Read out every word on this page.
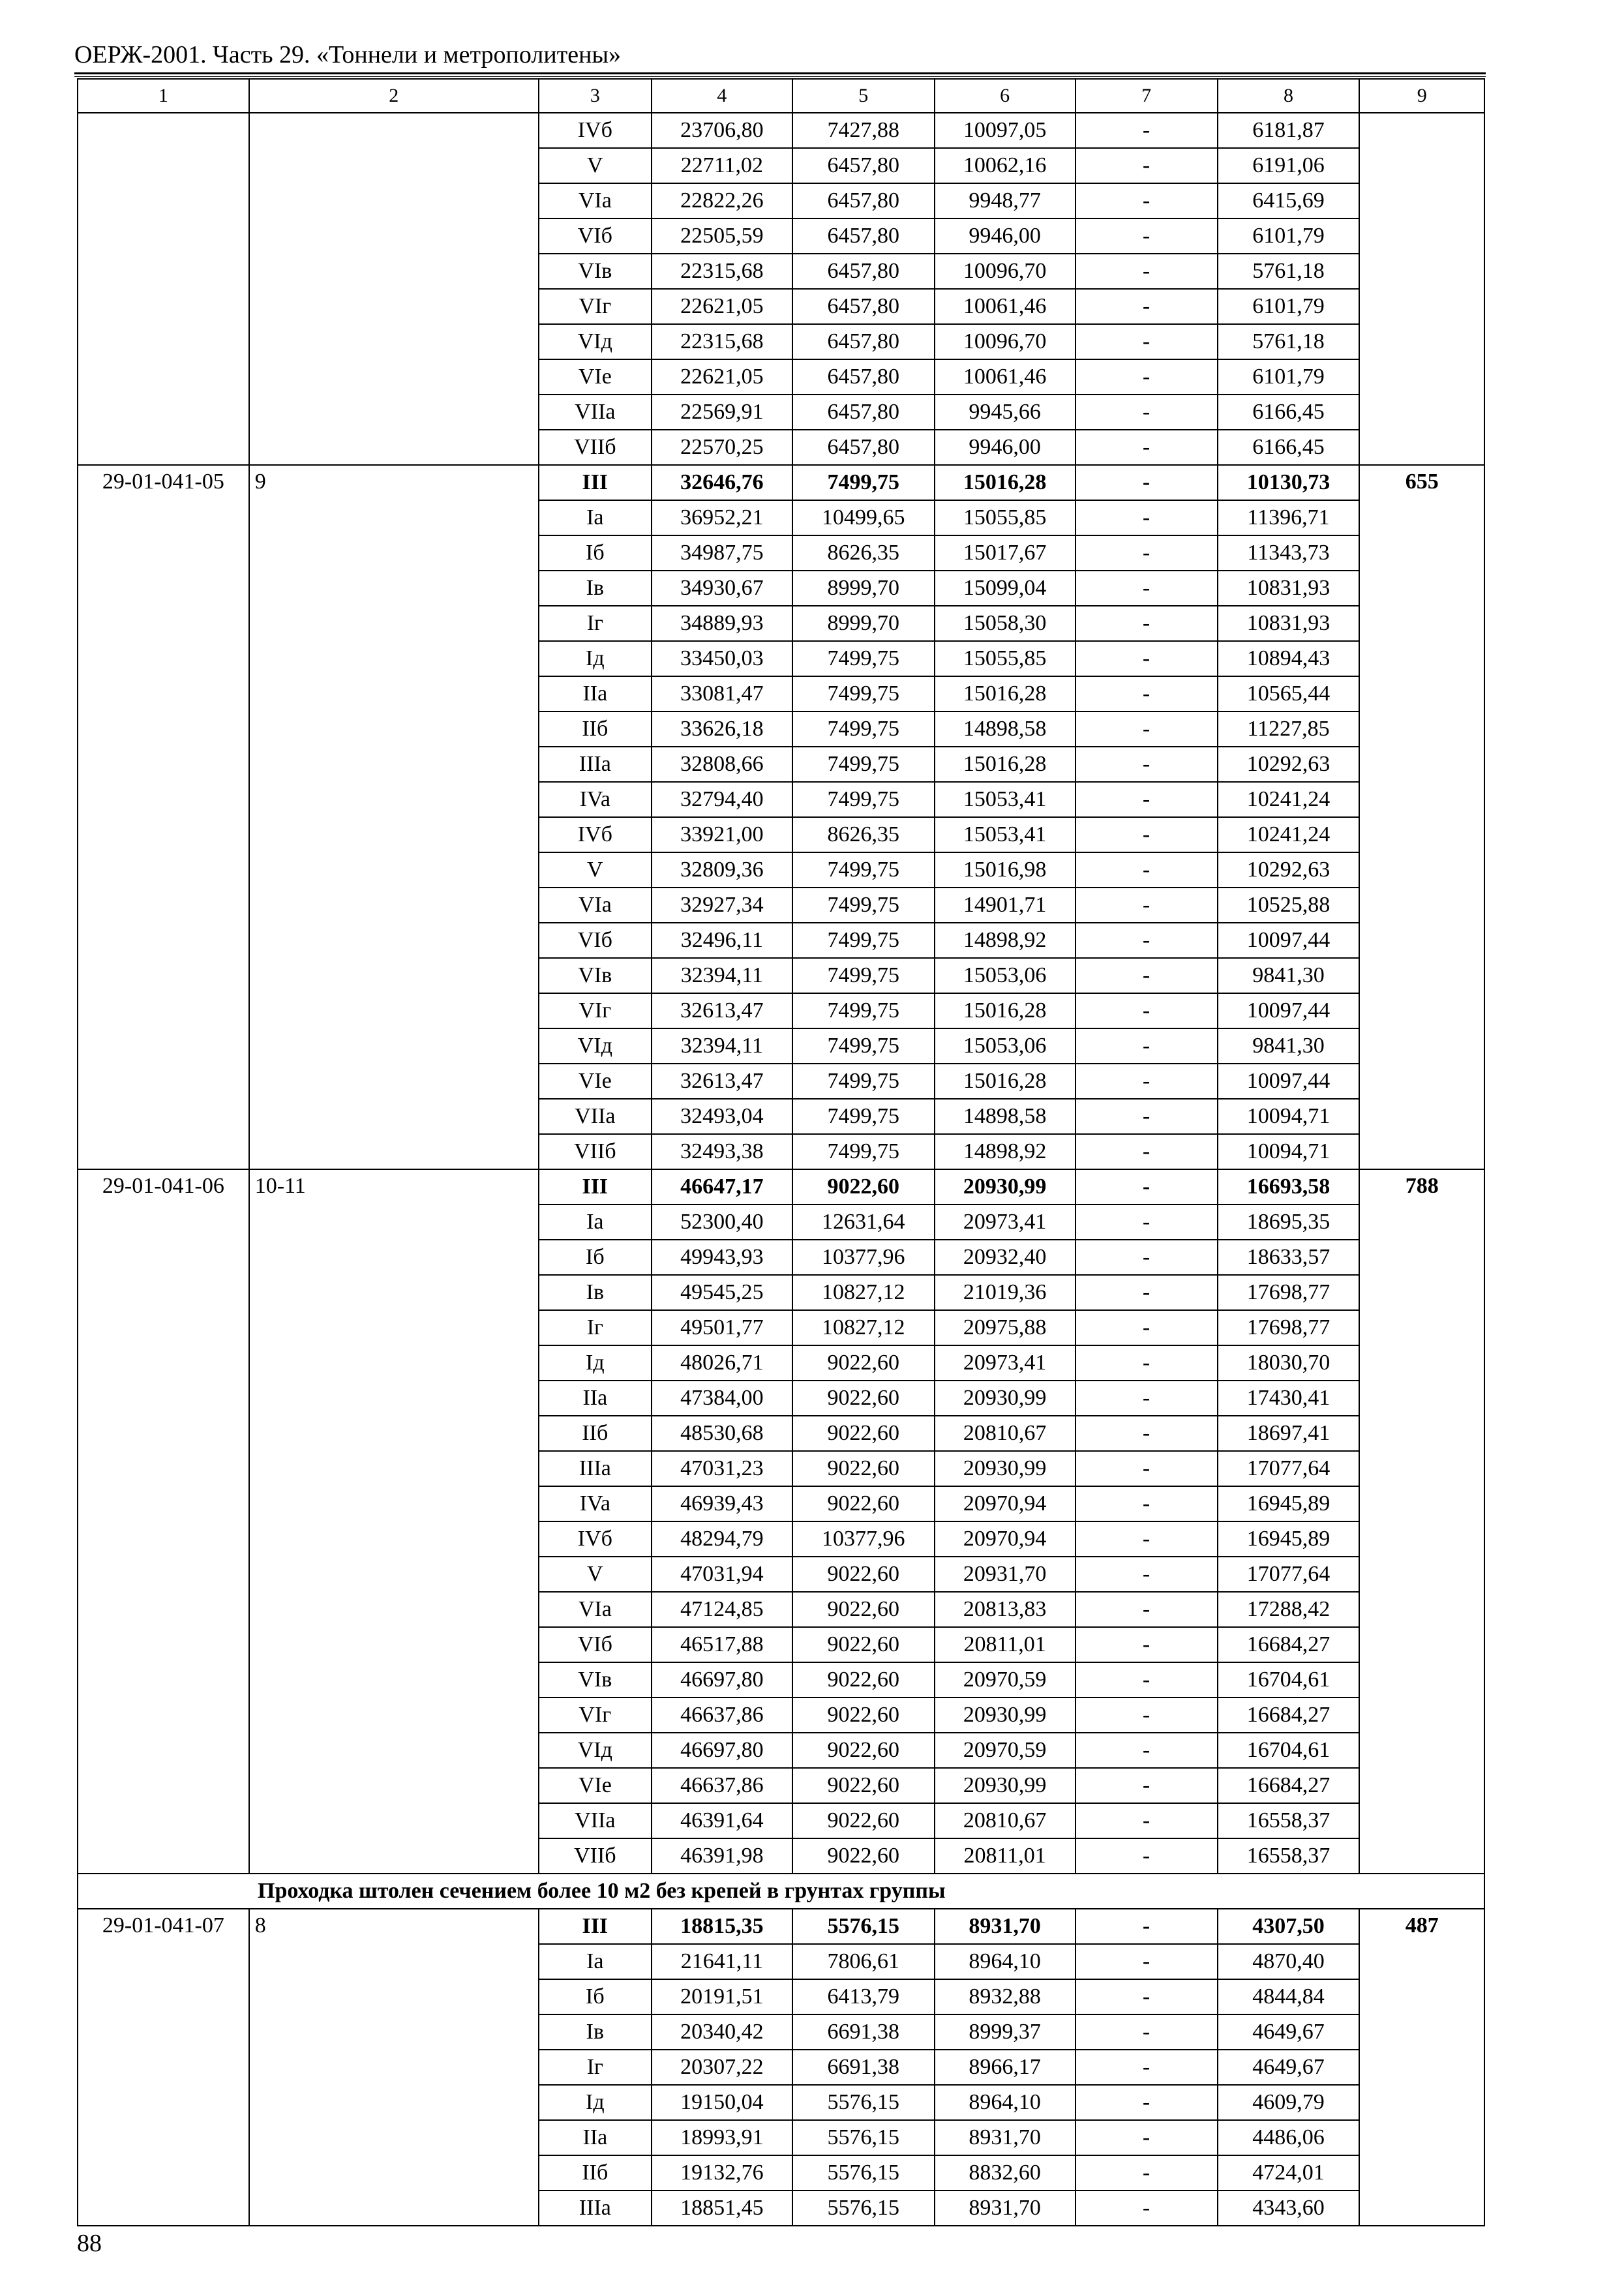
ОЕРЖ-2001. Часть 29. «Тоннели и метрополитены»
1	2	3	4	5	6	7	8	9
		IVб	23706,80	7427,88	10097,05	-	6181,87	
		V	22711,02	6457,80	10062,16	-	6191,06	
		VIa	22822,26	6457,80	9948,77	-	6415,69	
		VIб	22505,59	6457,80	9946,00	-	6101,79	
		VIв	22315,68	6457,80	10096,70	-	5761,18	
		VIг	22621,05	6457,80	10061,46	-	6101,79	
		VIд	22315,68	6457,80	10096,70	-	5761,18	
		VIe	22621,05	6457,80	10061,46	-	6101,79	
		VIIa	22569,91	6457,80	9945,66	-	6166,45	
		VIIб	22570,25	6457,80	9946,00	-	6166,45	
29-01-041-05	9	III	32646,76	7499,75	15016,28	-	10130,73	655
		Ia	36952,21	10499,65	15055,85	-	11396,71	
		Iб	34987,75	8626,35	15017,67	-	11343,73	
		Iв	34930,67	8999,70	15099,04	-	10831,93	
		Iг	34889,93	8999,70	15058,30	-	10831,93	
		Iд	33450,03	7499,75	15055,85	-	10894,43	
		IIa	33081,47	7499,75	15016,28	-	10565,44	
		IIб	33626,18	7499,75	14898,58	-	11227,85	
		IIIa	32808,66	7499,75	15016,28	-	10292,63	
		IVa	32794,40	7499,75	15053,41	-	10241,24	
		IVб	33921,00	8626,35	15053,41	-	10241,24	
		V	32809,36	7499,75	15016,98	-	10292,63	
		VIa	32927,34	7499,75	14901,71	-	10525,88	
		VIб	32496,11	7499,75	14898,92	-	10097,44	
		VIв	32394,11	7499,75	15053,06	-	9841,30	
		VIг	32613,47	7499,75	15016,28	-	10097,44	
		VIд	32394,11	7499,75	15053,06	-	9841,30	
		VIe	32613,47	7499,75	15016,28	-	10097,44	
		VIIa	32493,04	7499,75	14898,58	-	10094,71	
		VIIб	32493,38	7499,75	14898,92	-	10094,71	
29-01-041-06	10-11	III	46647,17	9022,60	20930,99	-	16693,58	788
		Ia	52300,40	12631,64	20973,41	-	18695,35	
		Iб	49943,93	10377,96	20932,40	-	18633,57	
		Iв	49545,25	10827,12	21019,36	-	17698,77	
		Iг	49501,77	10827,12	20975,88	-	17698,77	
		Iд	48026,71	9022,60	20973,41	-	18030,70	
		IIa	47384,00	9022,60	20930,99	-	17430,41	
		IIб	48530,68	9022,60	20810,67	-	18697,41	
		IIIa	47031,23	9022,60	20930,99	-	17077,64	
		IVa	46939,43	9022,60	20970,94	-	16945,89	
		IVб	48294,79	10377,96	20970,94	-	16945,89	
		V	47031,94	9022,60	20931,70	-	17077,64	
		VIa	47124,85	9022,60	20813,83	-	17288,42	
		VIб	46517,88	9022,60	20811,01	-	16684,27	
		VIв	46697,80	9022,60	20970,59	-	16704,61	
		VIг	46637,86	9022,60	20930,99	-	16684,27	
		VIд	46697,80	9022,60	20970,59	-	16704,61	
		VIe	46637,86	9022,60	20930,99	-	16684,27	
		VIIa	46391,64	9022,60	20810,67	-	16558,37	
		VIIб	46391,98	9022,60	20811,01	-	16558,37	
Проходка штолен сечением более 10 м2 без крепей в грунтах группы								
29-01-041-07	8	III	18815,35	5576,15	8931,70	-	4307,50	487
		Ia	21641,11	7806,61	8964,10	-	4870,40	
		Iб	20191,51	6413,79	8932,88	-	4844,84	
		Iв	20340,42	6691,38	8999,37	-	4649,67	
		Iг	20307,22	6691,38	8966,17	-	4649,67	
		Iд	19150,04	5576,15	8964,10	-	4609,79	
		IIa	18993,91	5576,15	8931,70	-	4486,06	
		IIб	19132,76	5576,15	8832,60	-	4724,01	
		IIIa	18851,45	5576,15	8931,70	-	4343,60	
88
